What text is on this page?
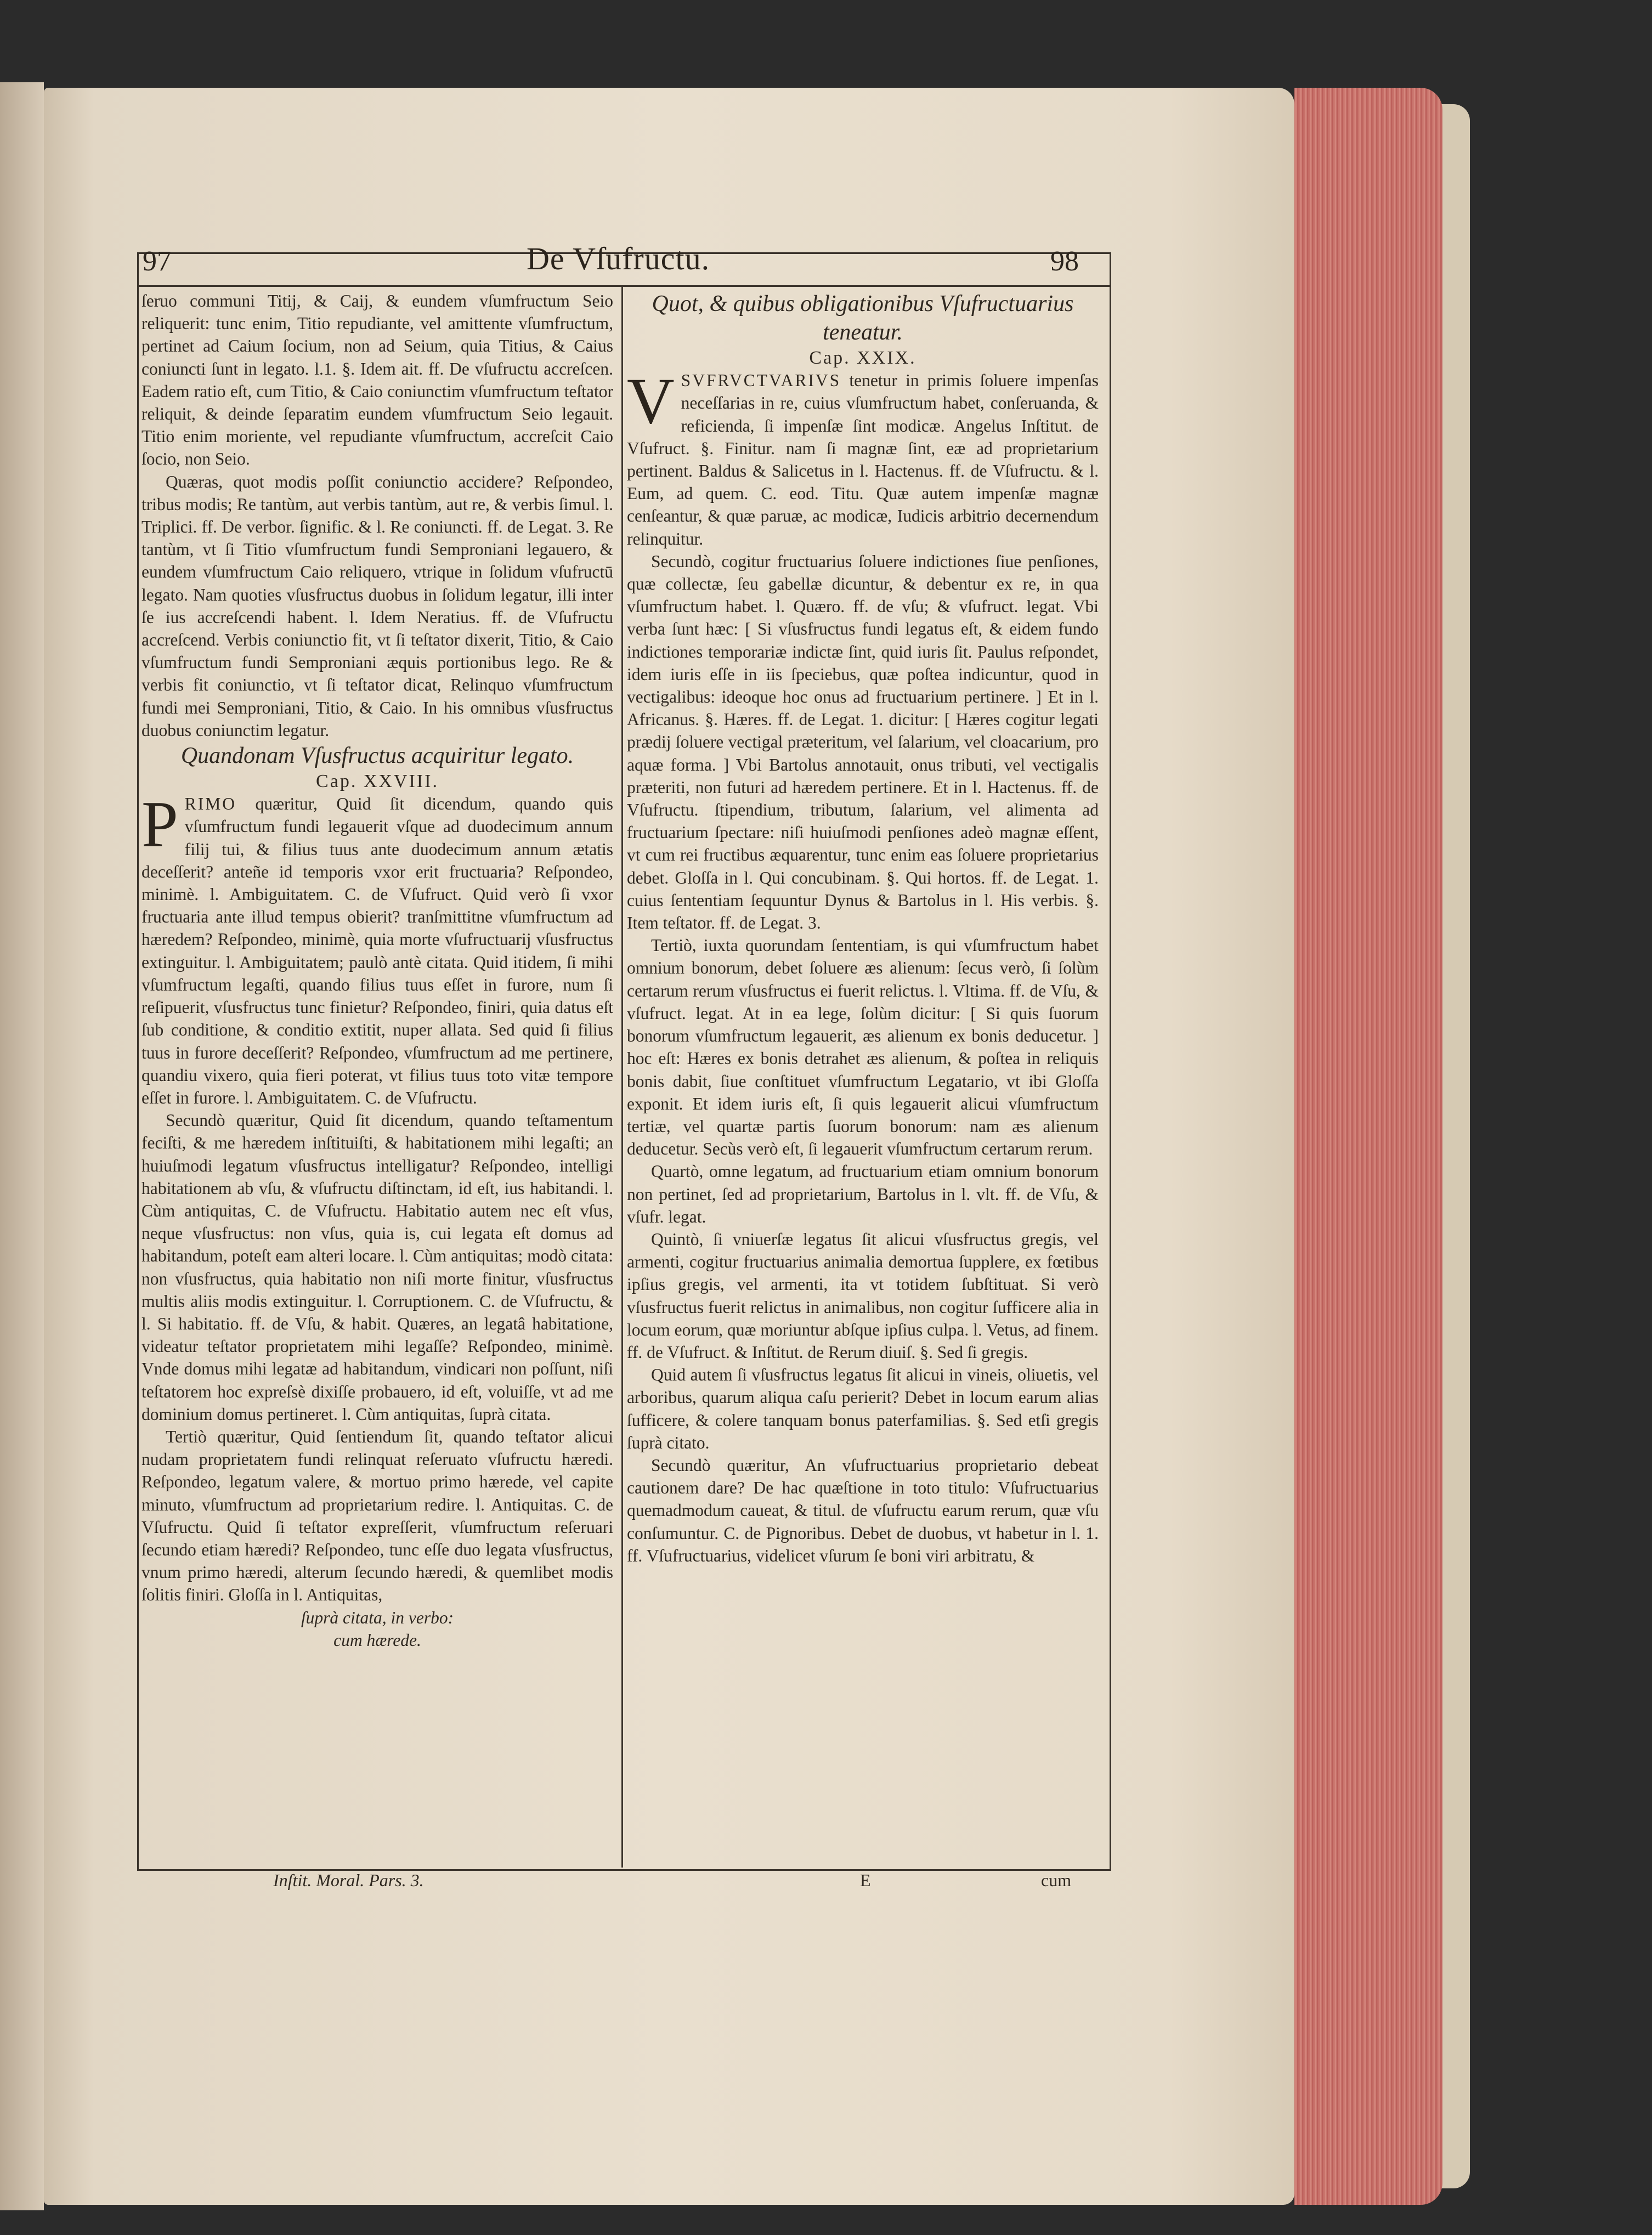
97	De Vſufructu.	98

ſeruo communi Titij, & Caij, & eundem vſumfructum Seio reliquerit: tunc enim, Titio repudiante, vel amittente vſumfructum, pertinet ad Caium ſocium, non ad Seium, quia Titius, & Caius coniuncti ſunt in legato. l.1. §. Idem ait. ff. De vſufructu accreſcen. Eadem ratio eſt, cum Titio, & Caio coniunctim vſumfructum teſtator reliquit, & deinde ſeparatim eundem vſumfructum Seio legauit. Titio enim moriente, vel repudiante vſumfructum, accreſcit Caio ſocio, non Seio.

Quæras, quot modis poſſit coniunctio accidere? Reſpondeo, tribus modis; Re tantùm, aut verbis tantùm, aut re, & verbis ſimul. l. Triplici. ff. De verbor. ſignific. & l. Re coniuncti. ff. de Legat. 3. Re tantùm, vt ſi Titio vſumfructum fundi Semproniani legauero, & eundem vſumfructum Caio reliquero, vtrique in ſolidum vſufructū legato. Nam quoties vſusfructus duobus in ſolidum legatur, illi inter ſe ius accreſcendi habent. l. Idem Neratius. ff. de Vſufructu accreſcend. Verbis coniunctio fit, vt ſi teſtator dixerit, Titio, & Caio vſumfructum fundi Semproniani æquis portionibus lego. Re & verbis fit coniunctio, vt ſi teſtator dicat, Relinquo vſumfructum fundi mei Semproniani, Titio, & Caio. In his omnibus vſusfructus duobus coniunctim legatur.

Quandonam Vſusfructus acquiritur legato.

Cap. XXVIII.

PRIMO quæritur, Quid ſit dicendum, quando quis vſumfructum fundi legauerit vſque ad duodecimum annum filij tui, & filius tuus ante duodecimum annum ætatis deceſſerit? anteñe id temporis vxor erit fructuaria? Reſpondeo, minimè. l. Ambiguitatem. C. de Vſufruct. Quid verò ſi vxor fructuaria ante illud tempus obierit? tranſmittitne vſumfructum ad hæredem? Reſpondeo, minimè, quia morte vſufructuarij vſusfructus extinguitur. l. Ambiguitatem; paulò antè citata. Quid itidem, ſi mihi vſumfructum legaſti, quando filius tuus eſſet in furore, num ſi reſipuerit, vſusfructus tunc finietur? Reſpondeo, finiri, quia datus eſt ſub conditione, & conditio extitit, nuper allata. Sed quid ſi filius tuus in furore deceſſerit? Reſpondeo, vſumfructum ad me pertinere, quandiu vixero, quia fieri poterat, vt filius tuus toto vitæ tempore eſſet in furore. l. Ambiguitatem. C. de Vſufructu.

Secundò quæritur, Quid ſit dicendum, quando teſtamentum feciſti, & me hæredem inſtituiſti, & habitationem mihi legaſti; an huiuſmodi legatum vſusfructus intelligatur? Reſpondeo, intelligi habitationem ab vſu, & vſufructu diſtinctam, id eſt, ius habitandi. l. Cùm antiquitas, C. de Vſufructu. Habitatio autem nec eſt vſus, neque vſusfructus: non vſus, quia is, cui legata eſt domus ad habitandum, poteſt eam alteri locare. l. Cùm antiquitas; modò citata: non vſusfructus, quia habitatio non niſi morte finitur, vſusfructus multis aliis modis extinguitur. l. Corruptionem. C. de Vſufructu, & l. Si habitatio. ff. de Vſu, & habit. Quæres, an legatâ habitatione, videatur teſtator proprietatem mihi legaſſe? Reſpondeo, minimè. Vnde domus mihi legatæ ad habitandum, vindicari non poſſunt, niſi teſtatorem hoc expreſsè dixiſſe probauero, id eſt, voluiſſe, vt ad me dominium domus pertineret. l. Cùm antiquitas, ſuprà citata.

Tertiò quæritur, Quid ſentiendum ſit, quando teſtator alicui nudam proprietatem fundi relinquat reſeruato vſufructu hæredi. Reſpondeo, legatum valere, & mortuo primo hærede, vel capite minuto, vſumfructum ad proprietarium redire. l. Antiquitas. C. de Vſufructu. Quid ſi teſtator expreſſerit, vſumfructum reſeruari ſecundo etiam hæredi? Reſpondeo, tunc eſſe duo legata vſusfructus, vnum primo hæredi, alterum ſecundo hæredi, & quemlibet modis ſolitis finiri. Gloſſa in l. Antiquitas,

ſuprà citata, in verbo:

cum hærede.

Quot, & quibus obligationibus Vſufructuarius teneatur.

Cap. XXIX.

VSVFRVCTVARIVS tenetur in primis ſoluere impenſas neceſſarias in re, cuius vſumfructum habet, conſeruanda, & reficienda, ſi impenſæ ſint modicæ. Angelus Inſtitut. de Vſufruct. §. Finitur. nam ſi magnæ ſint, eæ ad proprietarium pertinent. Baldus & Salicetus in l. Hactenus. ff. de Vſufructu. & l. Eum, ad quem. C. eod. Titu. Quæ autem impenſæ magnæ cenſeantur, & quæ paruæ, ac modicæ, Iudicis arbitrio decernendum relinquitur.

Secundò, cogitur fructuarius ſoluere indictiones ſiue penſiones, quæ collectæ, ſeu gabellæ dicuntur, & debentur ex re, in qua vſumfructum habet. l. Quæro. ff. de vſu; & vſufruct. legat. Vbi verba ſunt hæc: [ Si vſusfructus fundi legatus eſt, & eidem fundo indictiones temporariæ indictæ ſint, quid iuris ſit. Paulus reſpondet, idem iuris eſſe in iis ſpeciebus, quæ poſtea indicuntur, quod in vectigalibus: ideoque hoc onus ad fructuarium pertinere. ] Et in l. Africanus. §. Hæres. ff. de Legat. 1. dicitur: [ Hæres cogitur legati prædij ſoluere vectigal præteritum, vel ſalarium, vel cloacarium, pro aquæ forma. ] Vbi Bartolus annotauit, onus tributi, vel vectigalis præteriti, non futuri ad hæredem pertinere. Et in l. Hactenus. ff. de Vſufructu. ſtipendium, tributum, ſalarium, vel alimenta ad fructuarium ſpectare: niſi huiuſmodi penſiones adeò magnæ eſſent, vt cum rei fructibus æquarentur, tunc enim eas ſoluere proprietarius debet. Gloſſa in l. Qui concubinam. §. Qui hortos. ff. de Legat. 1. cuius ſententiam ſequuntur Dynus & Bartolus in l. His verbis. §. Item teſtator. ff. de Legat. 3.

Tertiò, iuxta quorundam ſententiam, is qui vſumfructum habet omnium bonorum, debet ſoluere æs alienum: ſecus verò, ſi ſolùm certarum rerum vſusfructus ei fuerit relictus. l. Vltima. ff. de Vſu, & vſufruct. legat. At in ea lege, ſolùm dicitur: [ Si quis ſuorum bonorum vſumfructum legauerit, æs alienum ex bonis deducetur. ] hoc eſt: Hæres ex bonis detrahet æs alienum, & poſtea in reliquis bonis dabit, ſiue conſtituet vſumfructum Legatario, vt ibi Gloſſa exponit. Et idem iuris eſt, ſi quis legauerit alicui vſumfructum tertiæ, vel quartæ partis ſuorum bonorum: nam æs alienum deducetur. Secùs verò eſt, ſi legauerit vſumfructum certarum rerum.

Quartò, omne legatum, ad fructuarium etiam omnium bonorum non pertinet, ſed ad proprietarium, Bartolus in l. vlt. ff. de Vſu, & vſufr. legat.

Quintò, ſi vniuerſæ legatus ſit alicui vſusfructus gregis, vel armenti, cogitur fructuarius animalia demortua ſupplere, ex fœtibus ipſius gregis, vel armenti, ita vt totidem ſubſtituat. Si verò vſusfructus fuerit relictus in animalibus, non cogitur ſufficere alia in locum eorum, quæ moriuntur abſque ipſius culpa. l. Vetus, ad finem. ff. de Vſufruct. & Inſtitut. de Rerum diuiſ. §. Sed ſi gregis.

Quid autem ſi vſusfructus legatus ſit alicui in vineis, oliuetis, vel arboribus, quarum aliqua caſu perierit? Debet in locum earum alias ſufficere, & colere tanquam bonus paterfamilias. §. Sed etſi gregis ſuprà citato.

Secundò quæritur, An vſufructuarius proprietario debeat cautionem dare? De hac quæſtione in toto titulo: Vſufructuarius quemadmodum caueat, & titul. de vſufructu earum rerum, quæ vſu conſumuntur. C. de Pignoribus. Debet de duobus, vt habetur in l. 1. ff. Vſufructuarius, videlicet vſurum ſe boni viri arbitratu, &

Inſtit. Moral. Pars. 3.	E	cum
